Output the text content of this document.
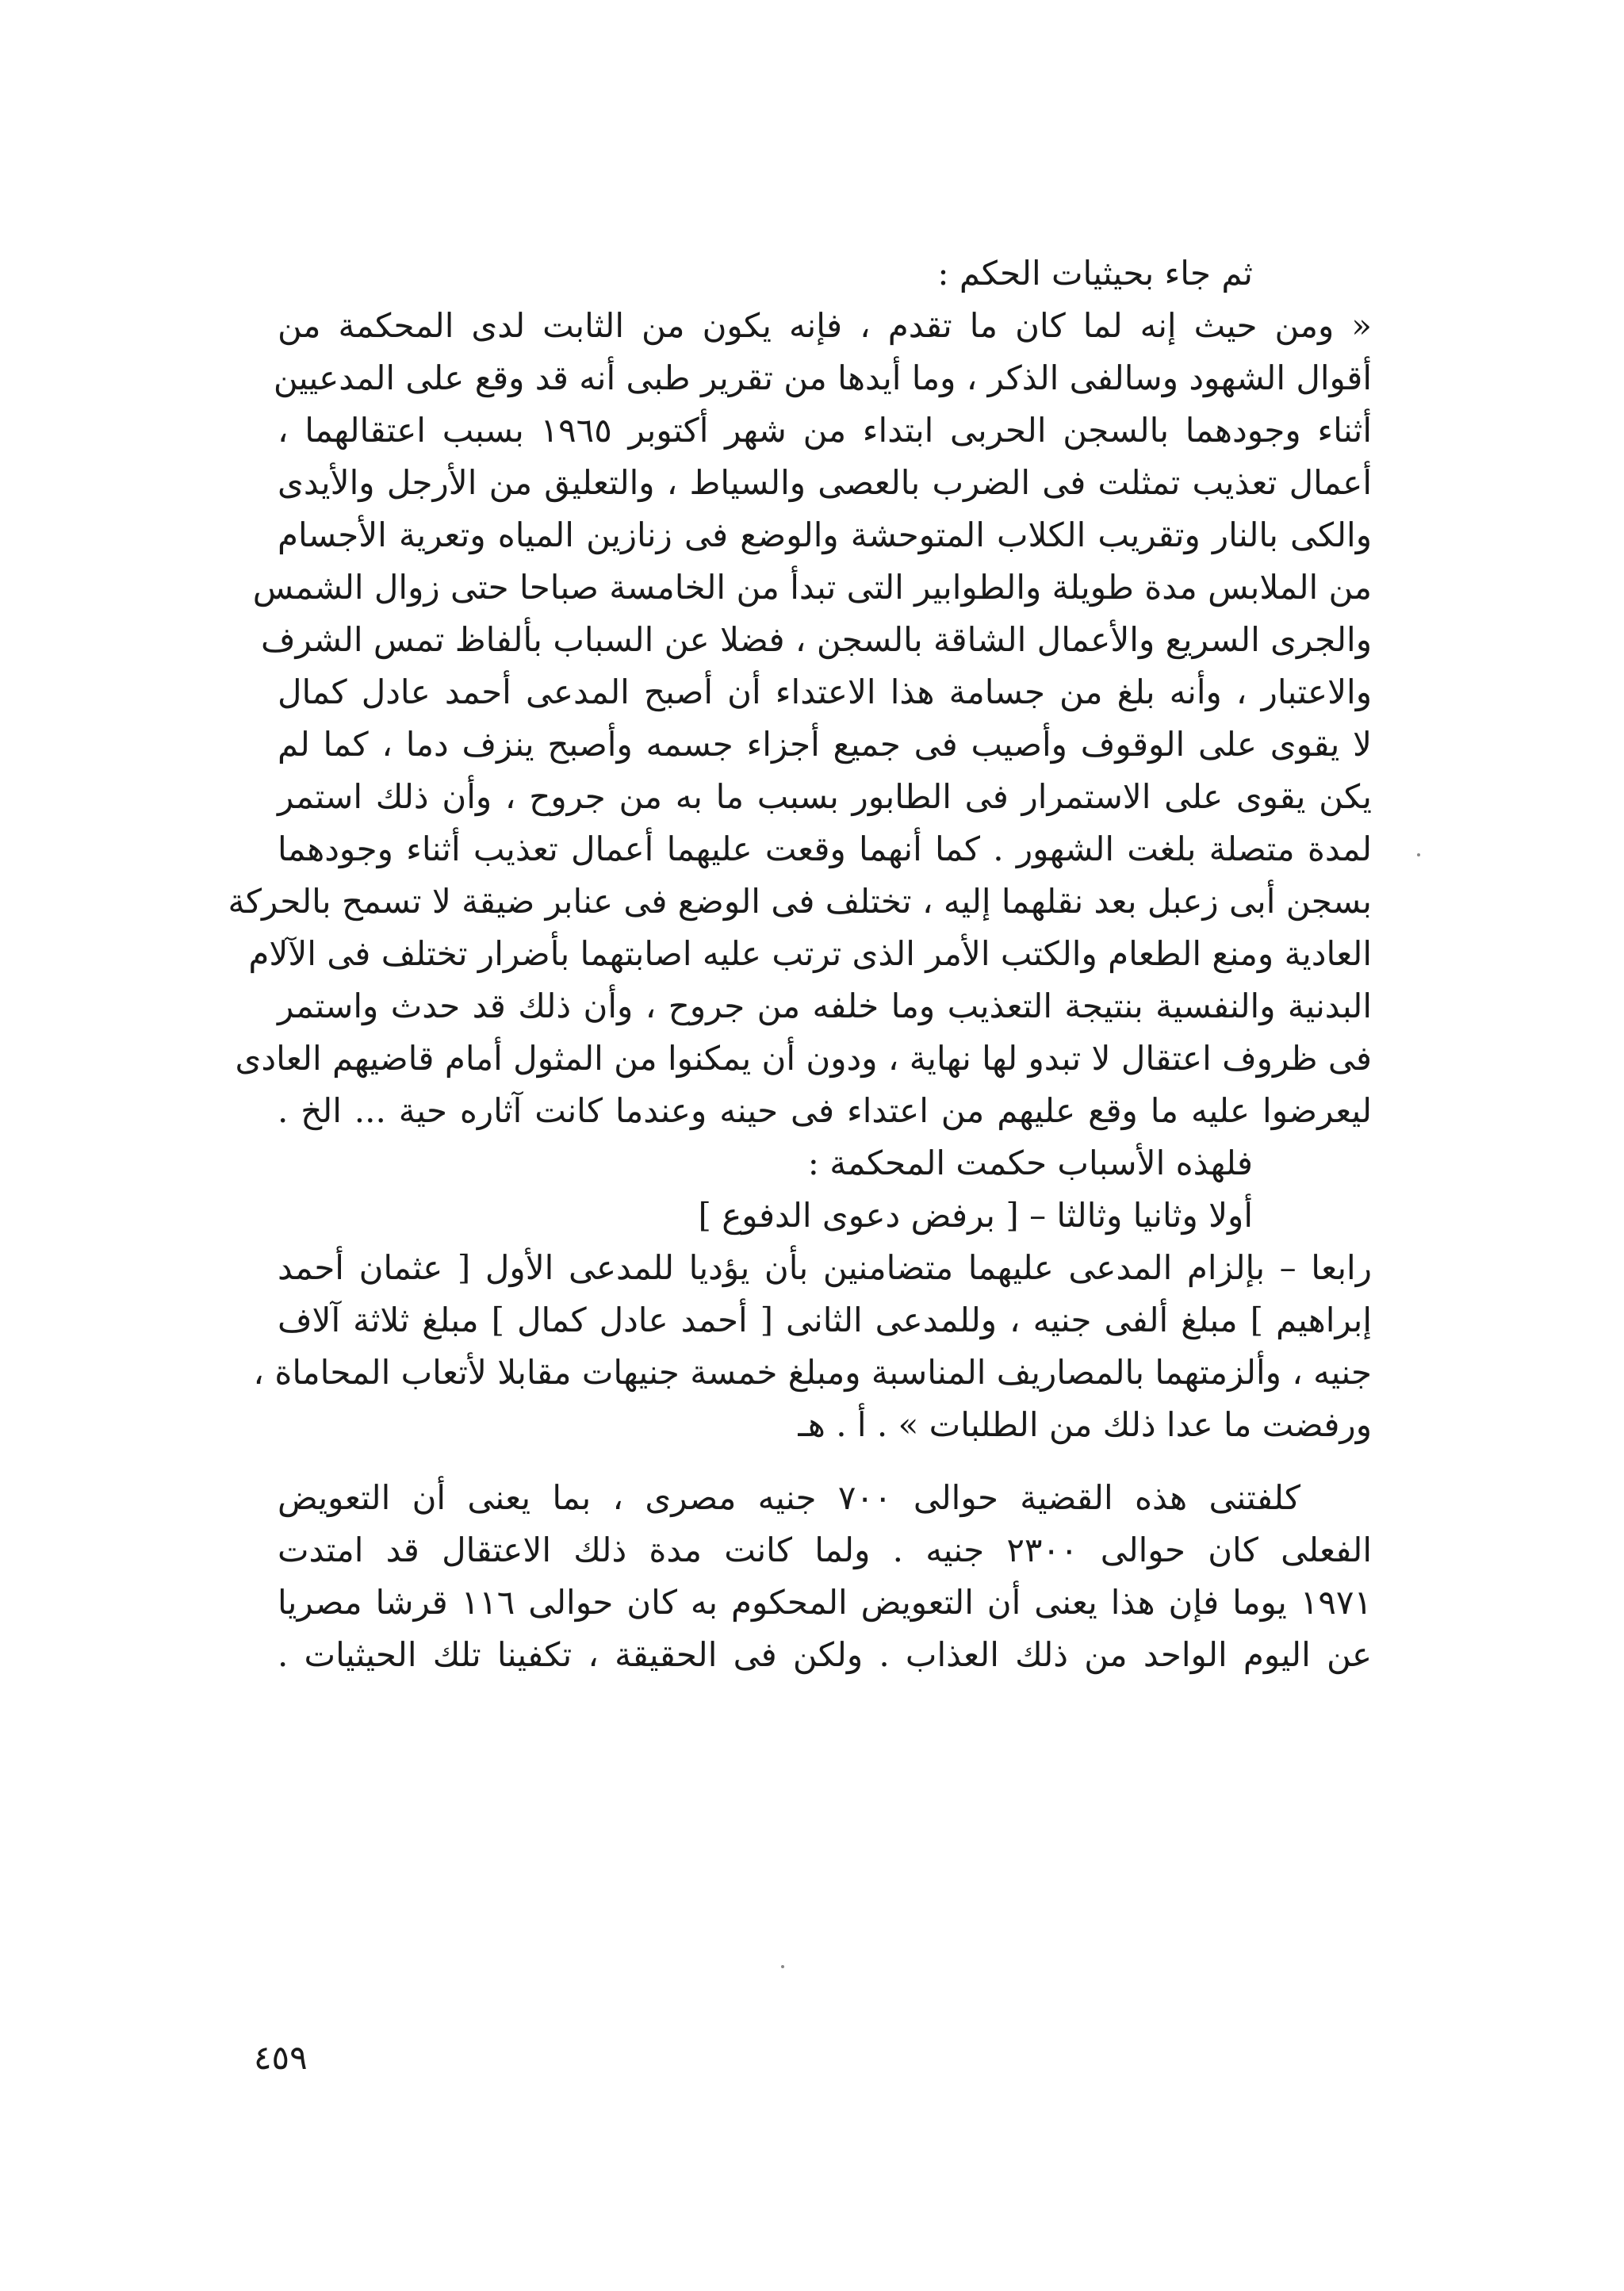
ثم جاء بحيثيات الحكم :
« ومن حيث إنه لما كان ما تقدم ، فإنه يكون من الثابت لدى المحكمة من
أقوال الشهود وسالفى الذكر ، وما أيدها من تقرير طبى أنه قد وقع على المدعيين
أثناء وجودهما بالسجن الحربى ابتداء من شهر أكتوبر ١٩٦٥ بسبب اعتقالهما ،
أعمال تعذيب تمثلت فى الضرب بالعصى والسياط ، والتعليق من الأرجل والأيدى
والكى بالنار وتقريب الكلاب المتوحشة والوضع فى زنازين المياه وتعرية الأجسام
من الملابس مدة طويلة والطوابير التى تبدأ من الخامسة صباحا حتى زوال الشمس
والجرى السريع والأعمال الشاقة بالسجن ، فضلا عن السباب بألفاظ تمس الشرف
والاعتبار ، وأنه بلغ من جسامة هذا الاعتداء أن أصبح المدعى أحمد عادل كمال
لا يقوى على الوقوف وأصيب فى جميع أجزاء جسمه وأصبح ينزف دما ، كما لم
يكن يقوى على الاستمرار فى الطابور بسبب ما به من جروح ، وأن ذلك استمر
لمدة متصلة بلغت الشهور . كما أنهما وقعت عليهما أعمال تعذيب أثناء وجودهما
بسجن أبى زعبل بعد نقلهما إليه ، تختلف فى الوضع فى عنابر ضيقة لا تسمح بالحركة
العادية ومنع الطعام والكتب الأمر الذى ترتب عليه اصابتهما بأضرار تختلف فى الآلام
البدنية والنفسية بنتيجة التعذيب وما خلفه من جروح ، وأن ذلك قد حدث واستمر
فى ظروف اعتقال لا تبدو لها نهاية ، ودون أن يمكنوا من المثول أمام قاضيهم العادى
ليعرضوا عليه ما وقع عليهم من اعتداء فى حينه وعندما كانت آثاره حية ... الخ .
فلهذه الأسباب حكمت المحكمة :
أولا وثانيا وثالثا – [ برفض دعوى الدفوع ]
رابعا – بإلزام المدعى عليهما متضامنين بأن يؤديا للمدعى الأول [ عثمان أحمد
إبراهيم ] مبلغ ألفى جنيه ، وللمدعى الثانى [ أحمد عادل كمال ] مبلغ ثلاثة آلاف
جنيه ، وألزمتهما بالمصاريف المناسبة ومبلغ خمسة جنيهات مقابلا لأتعاب المحاماة ،
ورفضت ما عدا ذلك من الطلبات » . أ . هـ
كلفتنى هذه القضية حوالى ٧٠٠ جنيه مصرى ، بما يعنى أن التعويض
الفعلى كان حوالى ٢٣٠٠ جنيه . ولما كانت مدة ذلك الاعتقال قد امتدت
١٩٧١ يوما فإن هذا يعنى أن التعويض المحكوم به كان حوالى ١١٦ قرشا مصريا
عن اليوم الواحد من ذلك العذاب . ولكن فى الحقيقة ، تكفينا تلك الحيثيات .
٤٥٩
